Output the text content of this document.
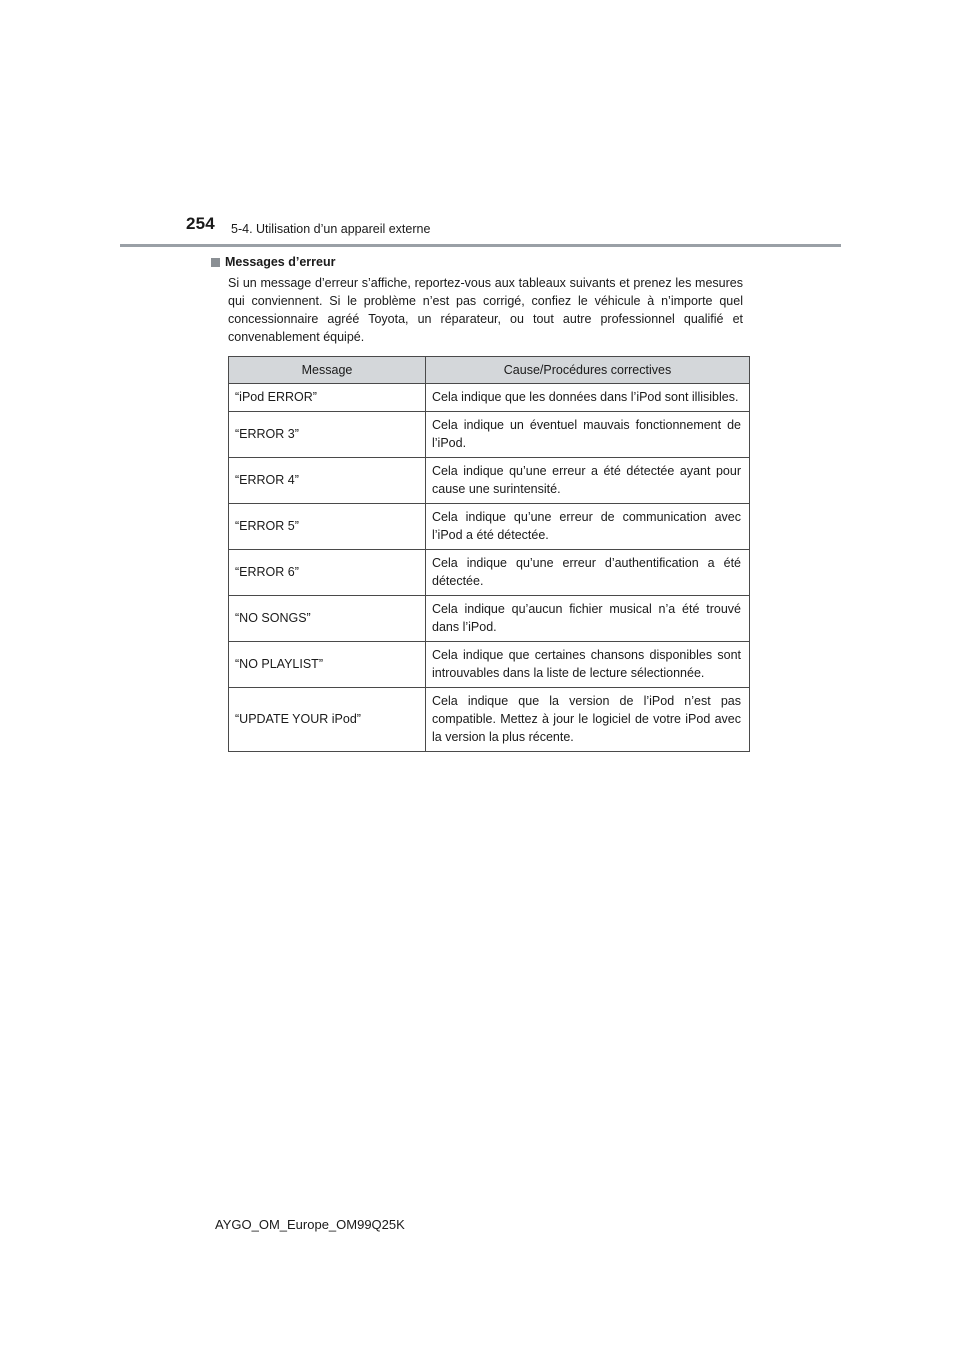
254 5-4. Utilisation d’un appareil externe
Messages d’erreur

Si un message d’erreur s’affiche, reportez-vous aux tableaux suivants et prenez les mesures qui conviennent. Si le problème n’est pas corrigé, confiez le véhicule à n’importe quel concessionnaire agréé Toyota, un réparateur, ou tout autre professionnel qualifié et convenablement équipé.

Message	Cause/Procédures correctives
“iPod ERROR”	Cela indique que les données dans l’iPod sont illisibles.
“ERROR 3”	Cela indique un éventuel mauvais fonctionnement de l’iPod.
“ERROR 4”	Cela indique qu’une erreur a été détectée ayant pour cause une surintensité.
“ERROR 5”	Cela indique qu’une erreur de communication avec l’iPod a été détectée.
“ERROR 6”	Cela indique qu’une erreur d’authentification a été détectée.
“NO SONGS”	Cela indique qu’aucun fichier musical n’a été trouvé dans l’iPod.
“NO PLAYLIST”	Cela indique que certaines chansons disponibles sont introuvables dans la liste de lecture sélectionnée.
“UPDATE YOUR iPod”	Cela indique que la version de l’iPod n’est pas compatible. Mettez à jour le logiciel de votre iPod avec la version la plus récente.
AYGO_OM_Europe_OM99Q25K
